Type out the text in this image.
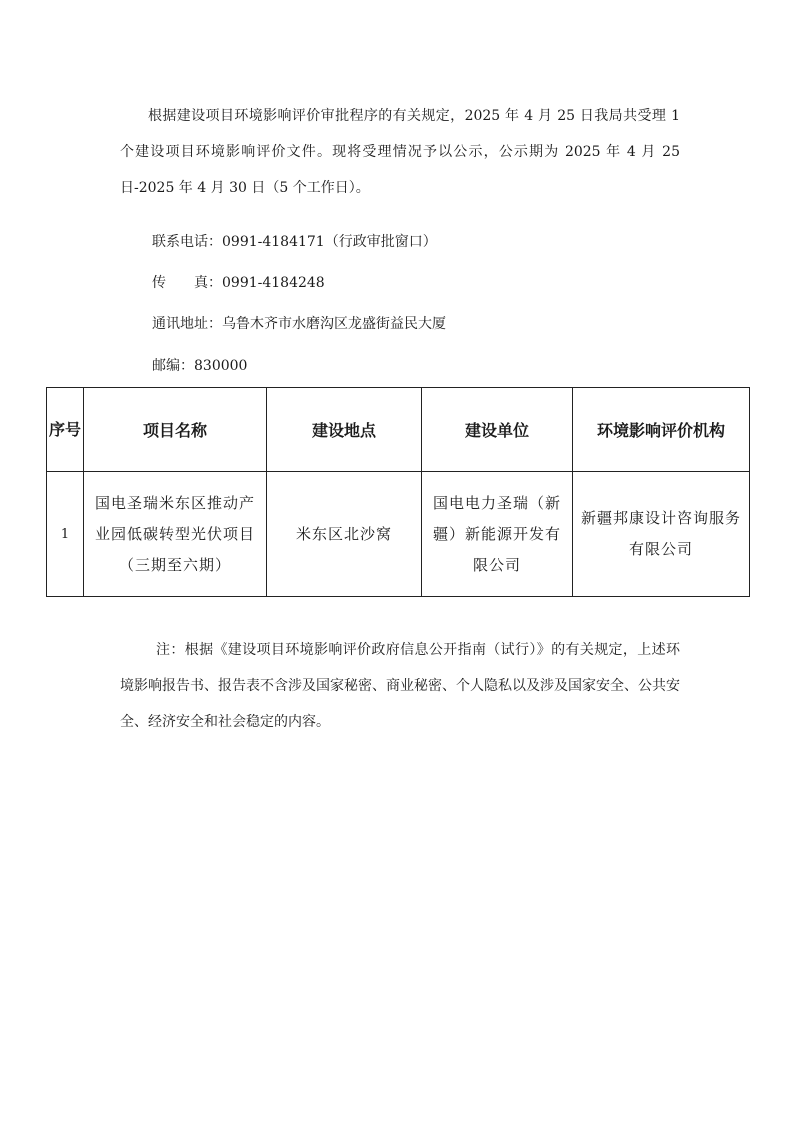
根据建设项目环境影响评价审批程序的有关规定，2025 年 4 月 25 日我局共受理 1 个建设项目环境影响评价文件。现将受理情况予以公示，公示期为 2025 年 4 月 25 日-2025 年 4 月 30 日（5 个工作日）。

联系电话：0991-4184171（行政审批窗口）
传　　真：0991-4184248
通讯地址：乌鲁木齐市水磨沟区龙盛街益民大厦
邮编：830000
序号	项目名称	建设地点	建设单位	环境影响评价机构
1	国电圣瑞米东区推动产业园低碳转型光伏项目（三期至六期）	米东区北沙窝	国电电力圣瑞（新疆）新能源开发有限公司	新疆邦康设计咨询服务有限公司

注：根据《建设项目环境影响评价政府信息公开指南（试行）》的有关规定，上述环境影响报告书、报告表不含涉及国家秘密、商业秘密、个人隐私以及涉及国家安全、公共安全、经济安全和社会稳定的内容。
